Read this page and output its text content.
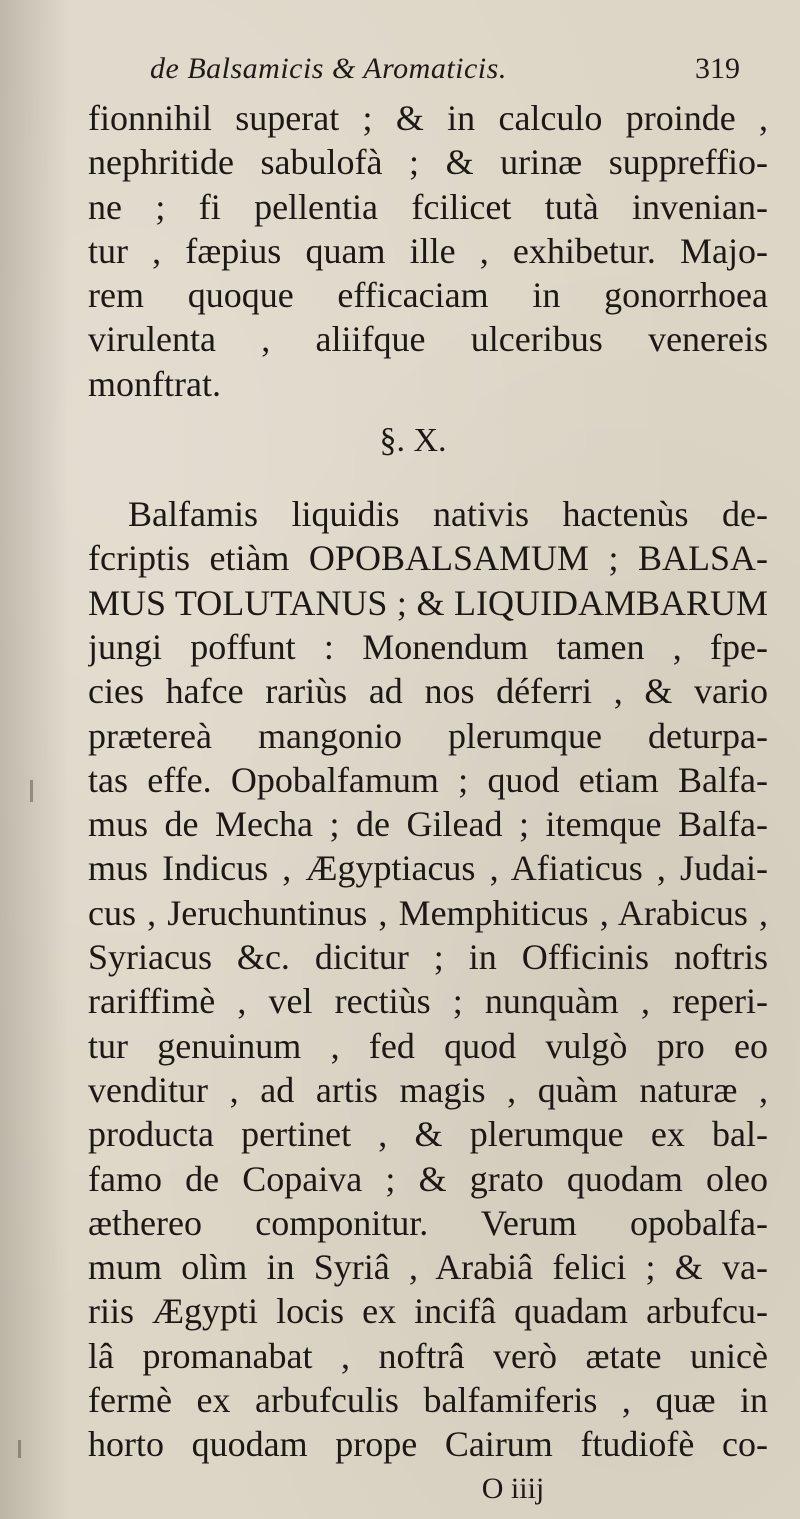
de Balsamicis & Aromaticis.	319
fionnihil superat ; & in calculo proinde ,
nephritide sabulofà ; & urinæ suppreffio-
ne ; fi pellentia fcilicet tutà invenian-
tur , fæpius quam ille , exhibetur. Majo-
rem quoque efficaciam in gonorrhoea
virulenta , aliifque ulceribus venereis
monftrat.
§. X.
Balfamis liquidis nativis hactenùs de-
fcriptis etiàm OPOBALSAMUM ; BALSA-
MUS TOLUTANUS ; & LIQUIDAMBARUM
jungi poffunt : Monendum tamen , fpe-
cies hafce rariùs ad nos déferri , & vario
prætereà mangonio plerumque deturpa-
tas effe. Opobalfamum ; quod etiam Balfa-
mus de Mecha ; de Gilead ; itemque Balfa-
mus Indicus , Ægyptiacus , Afiaticus , Judai-
cus , Jeruchuntinus , Memphiticus , Arabicus ,
Syriacus &c. dicitur ; in Officinis noftris
rariffimè , vel rectiùs ; nunquàm , reperi-
tur genuinum , fed quod vulgò pro eo
venditur , ad artis magis , quàm naturæ ,
producta pertinet , & plerumque ex bal-
famo de Copaiva ; & grato quodam oleo
æthereo componitur. Verum opobalfa-
mum olìm in Syriâ , Arabiâ felici ; & va-
riis Ægypti locis ex incifâ quadam arbufcu-
lâ promanabat , noftrâ verò ætate unicè
fermè ex arbufculis balfamiferis , quæ in
horto quodam prope Cairum ftudiofè co-
O iiij
